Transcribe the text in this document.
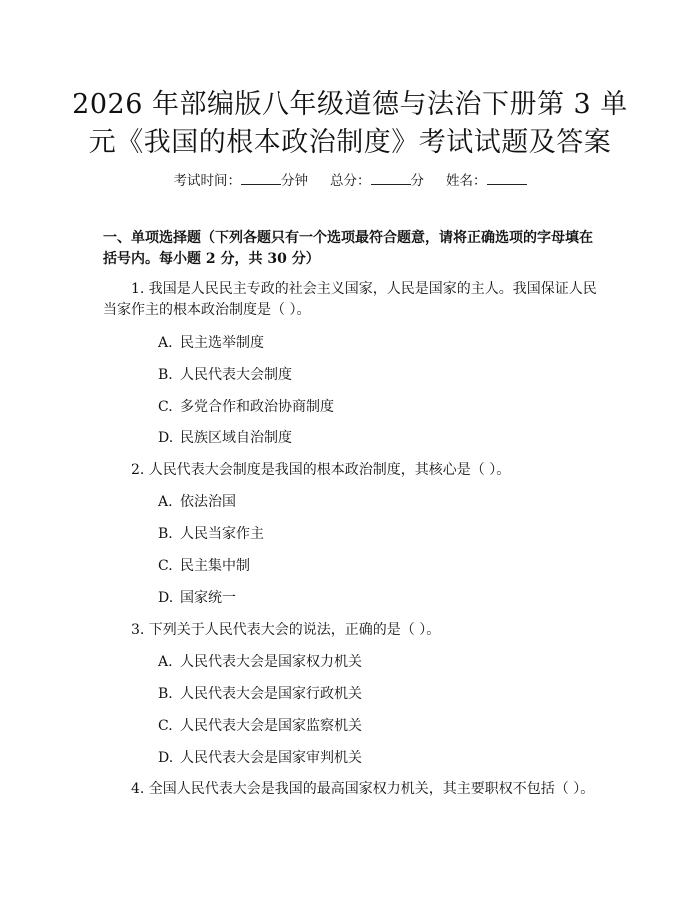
2026 年部编版八年级道德与法治下册第 3 单
元《我国的根本政治制度》考试试题及答案
考试时间：	分钟 总分：	分 姓名：
一、单项选择题（下列各题只有一个选项最符合题意，请将正确选项的字母填在括号内。每小题 2 分，共 30 分）
1. 我国是人民民主专政的社会主义国家，人民是国家的主人。我国保证人民当家作主的根本政治制度是（ ）。
A. 民主选举制度
B. 人民代表大会制度
C. 多党合作和政治协商制度
D. 民族区域自治制度
2. 人民代表大会制度是我国的根本政治制度，其核心是（ ）。
A. 依法治国
B. 人民当家作主
C. 民主集中制
D. 国家统一
3. 下列关于人民代表大会的说法，正确的是（ ）。
A. 人民代表大会是国家权力机关
B. 人民代表大会是国家行政机关
C. 人民代表大会是国家监察机关
D. 人民代表大会是国家审判机关
4. 全国人民代表大会是我国的最高国家权力机关，其主要职权不包括（ ）。
